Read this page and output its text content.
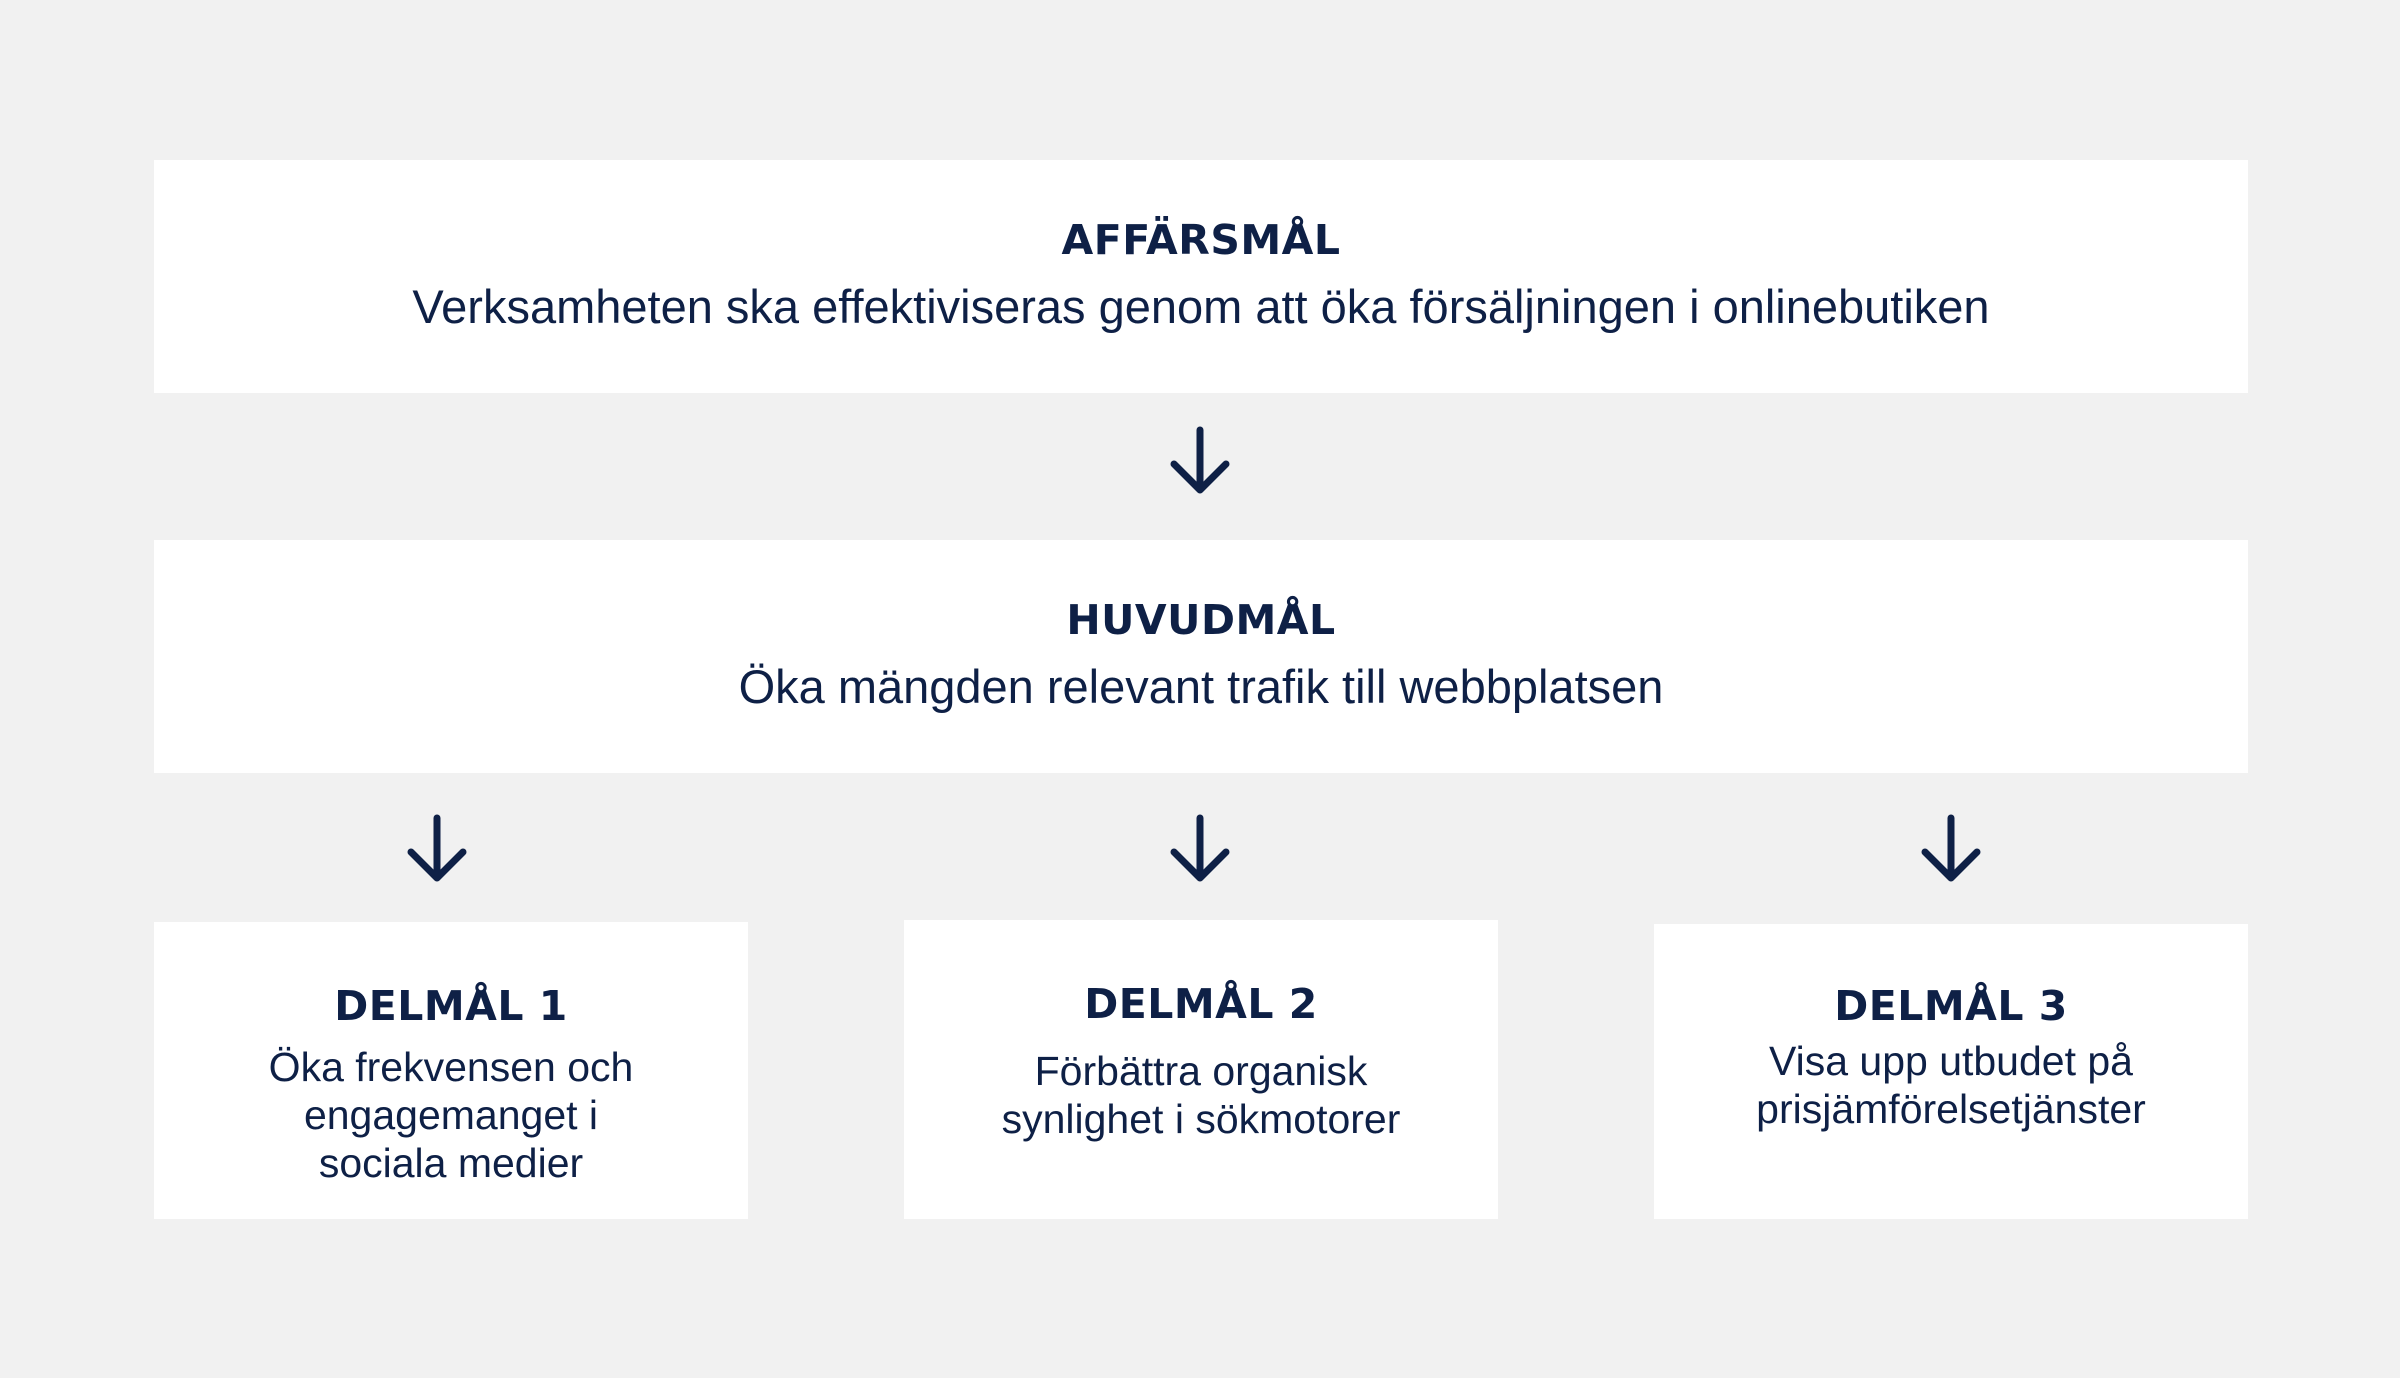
AFFÄRSMÅL
Verksamheten ska effektiviseras genom att öka försäljningen i onlinebutiken
HUVUDMÅL
Öka mängden relevant trafik till webbplatsen
DELMÅL 1
Öka frekvensen och
engagemanget i
sociala medier
DELMÅL 2
Förbättra organisk
synlighet i sökmotorer
DELMÅL 3
Visa upp utbudet på
prisjämförelsetjänster
